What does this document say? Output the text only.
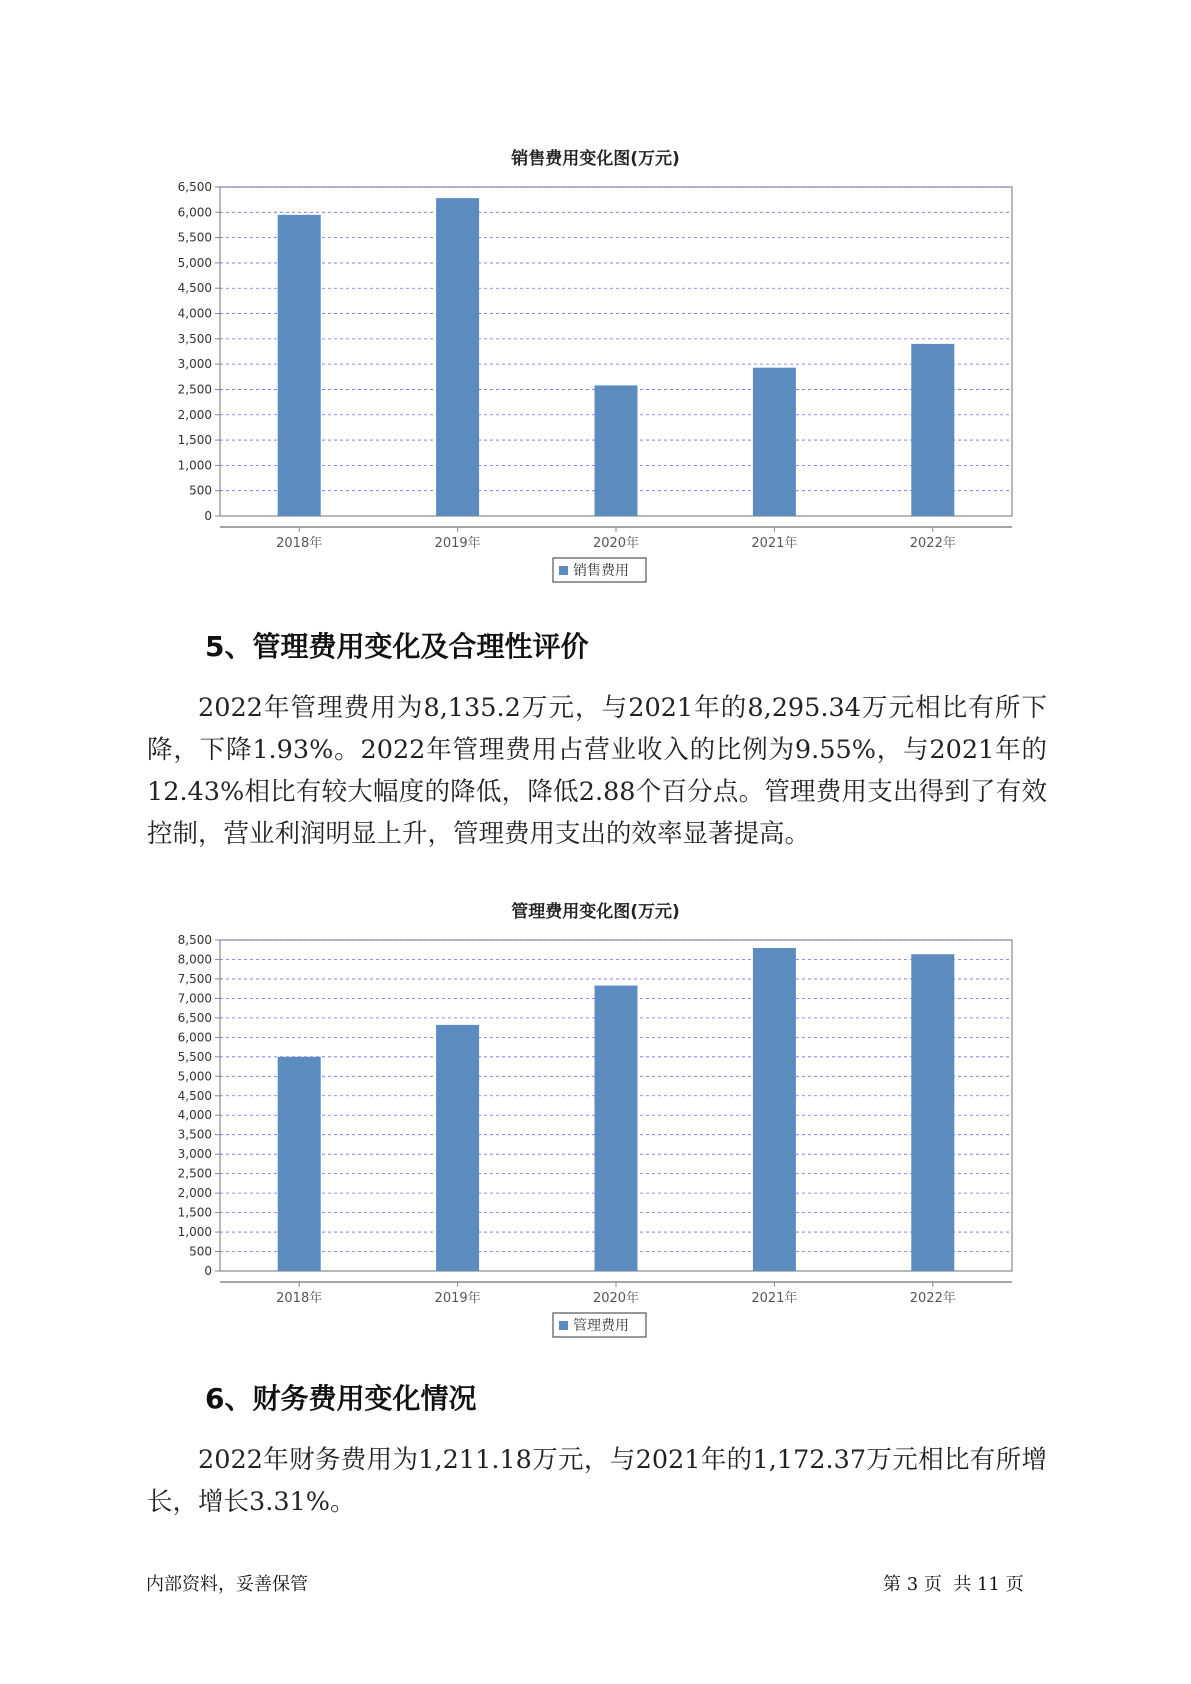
销售费用变化图(万元)
0
500
1,000
1,500
2,000
2,500
3,000
3,500
4,000
4,500
5,000
5,500
6,000
6,500
2018年	2019年	2020年	2021年	2022年
销售费用
5、管理费用变化及合理性评价
2022年管理费用为8,135.2万元，与2021年的8,295.34万元相比有所下降，下降1.93%。2022年管理费用占营业收入的比例为9.55%，与2021年的12.43%相比有较大幅度的降低，降低2.88个百分点。管理费用支出得到了有效控制，营业利润明显上升，管理费用支出的效率显著提高。
管理费用变化图(万元)
0
500
1,000
1,500
2,000
2,500
3,000
3,500
4,000
4,500
5,000
5,500
6,000
6,500
7,000
7,500
8,000
8,500
2018年	2019年	2020年	2021年	2022年
管理费用
6、财务费用变化情况
2022年财务费用为1,211.18万元，与2021年的1,172.37万元相比有所增长，增长3.31%。
内部资料，妥善保管	第 3 页  共 11 页
